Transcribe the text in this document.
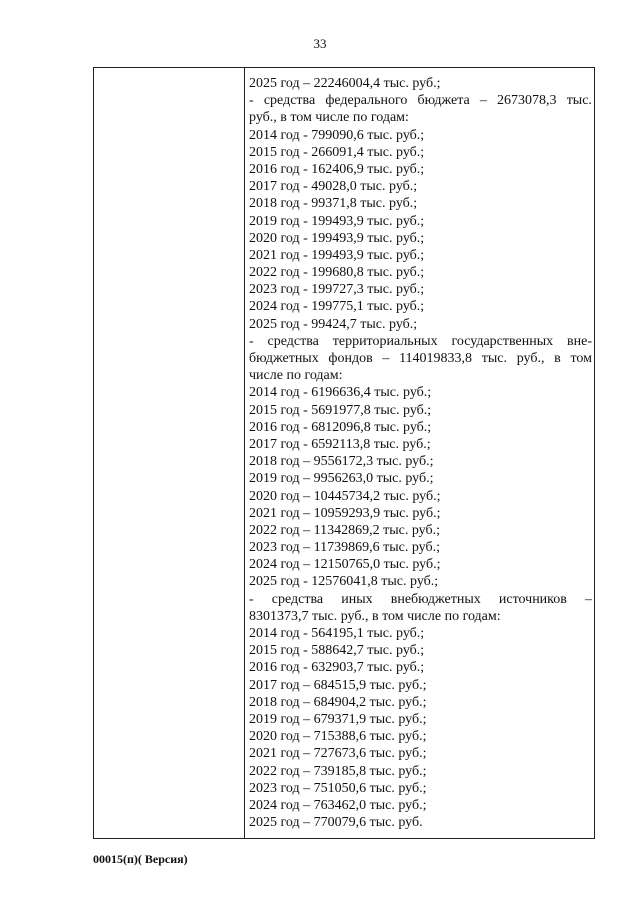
33
2025 год – 22246004,4 тыс. руб.;
- средства федерального бюджета – 2673078,3 тыс.
руб., в том числе по годам:
2014 год - 799090,6 тыс. руб.;
2015 год - 266091,4 тыс. руб.;
2016 год - 162406,9 тыс. руб.;
2017 год - 49028,0 тыс. руб.;
2018 год - 99371,8 тыс. руб.;
2019 год - 199493,9 тыс. руб.;
2020 год - 199493,9 тыс. руб.;
2021 год - 199493,9 тыс. руб.;
2022 год - 199680,8 тыс. руб.;
2023 год - 199727,3 тыс. руб.;
2024 год - 199775,1 тыс. руб.;
2025 год - 99424,7 тыс. руб.;
- средства территориальных государственных вне-
бюджетных фондов – 114019833,8 тыс. руб., в том
числе по годам:
2014 год - 6196636,4 тыс. руб.;
2015 год - 5691977,8 тыс. руб.;
2016 год - 6812096,8 тыс. руб.;
2017 год - 6592113,8 тыс. руб.;
2018 год – 9556172,3 тыс. руб.;
2019 год – 9956263,0 тыс. руб.;
2020 год – 10445734,2 тыс. руб.;
2021 год – 10959293,9 тыс. руб.;
2022 год – 11342869,2 тыс. руб.;
2023 год – 11739869,6 тыс. руб.;
2024 год – 12150765,0 тыс. руб.;
2025 год - 12576041,8 тыс. руб.;
- средства иных внебюджетных источников –
8301373,7 тыс. руб., в том числе по годам:
2014 год - 564195,1 тыс. руб.;
2015 год - 588642,7 тыс. руб.;
2016 год - 632903,7 тыс. руб.;
2017 год – 684515,9 тыс. руб.;
2018 год – 684904,2 тыс. руб.;
2019 год – 679371,9 тыс. руб.;
2020 год – 715388,6 тыс. руб.;
2021 год – 727673,6 тыс. руб.;
2022 год – 739185,8 тыс. руб.;
2023 год – 751050,6 тыс. руб.;
2024 год – 763462,0 тыс. руб.;
2025 год – 770079,6 тыс. руб.
00015(п)( Версия)
